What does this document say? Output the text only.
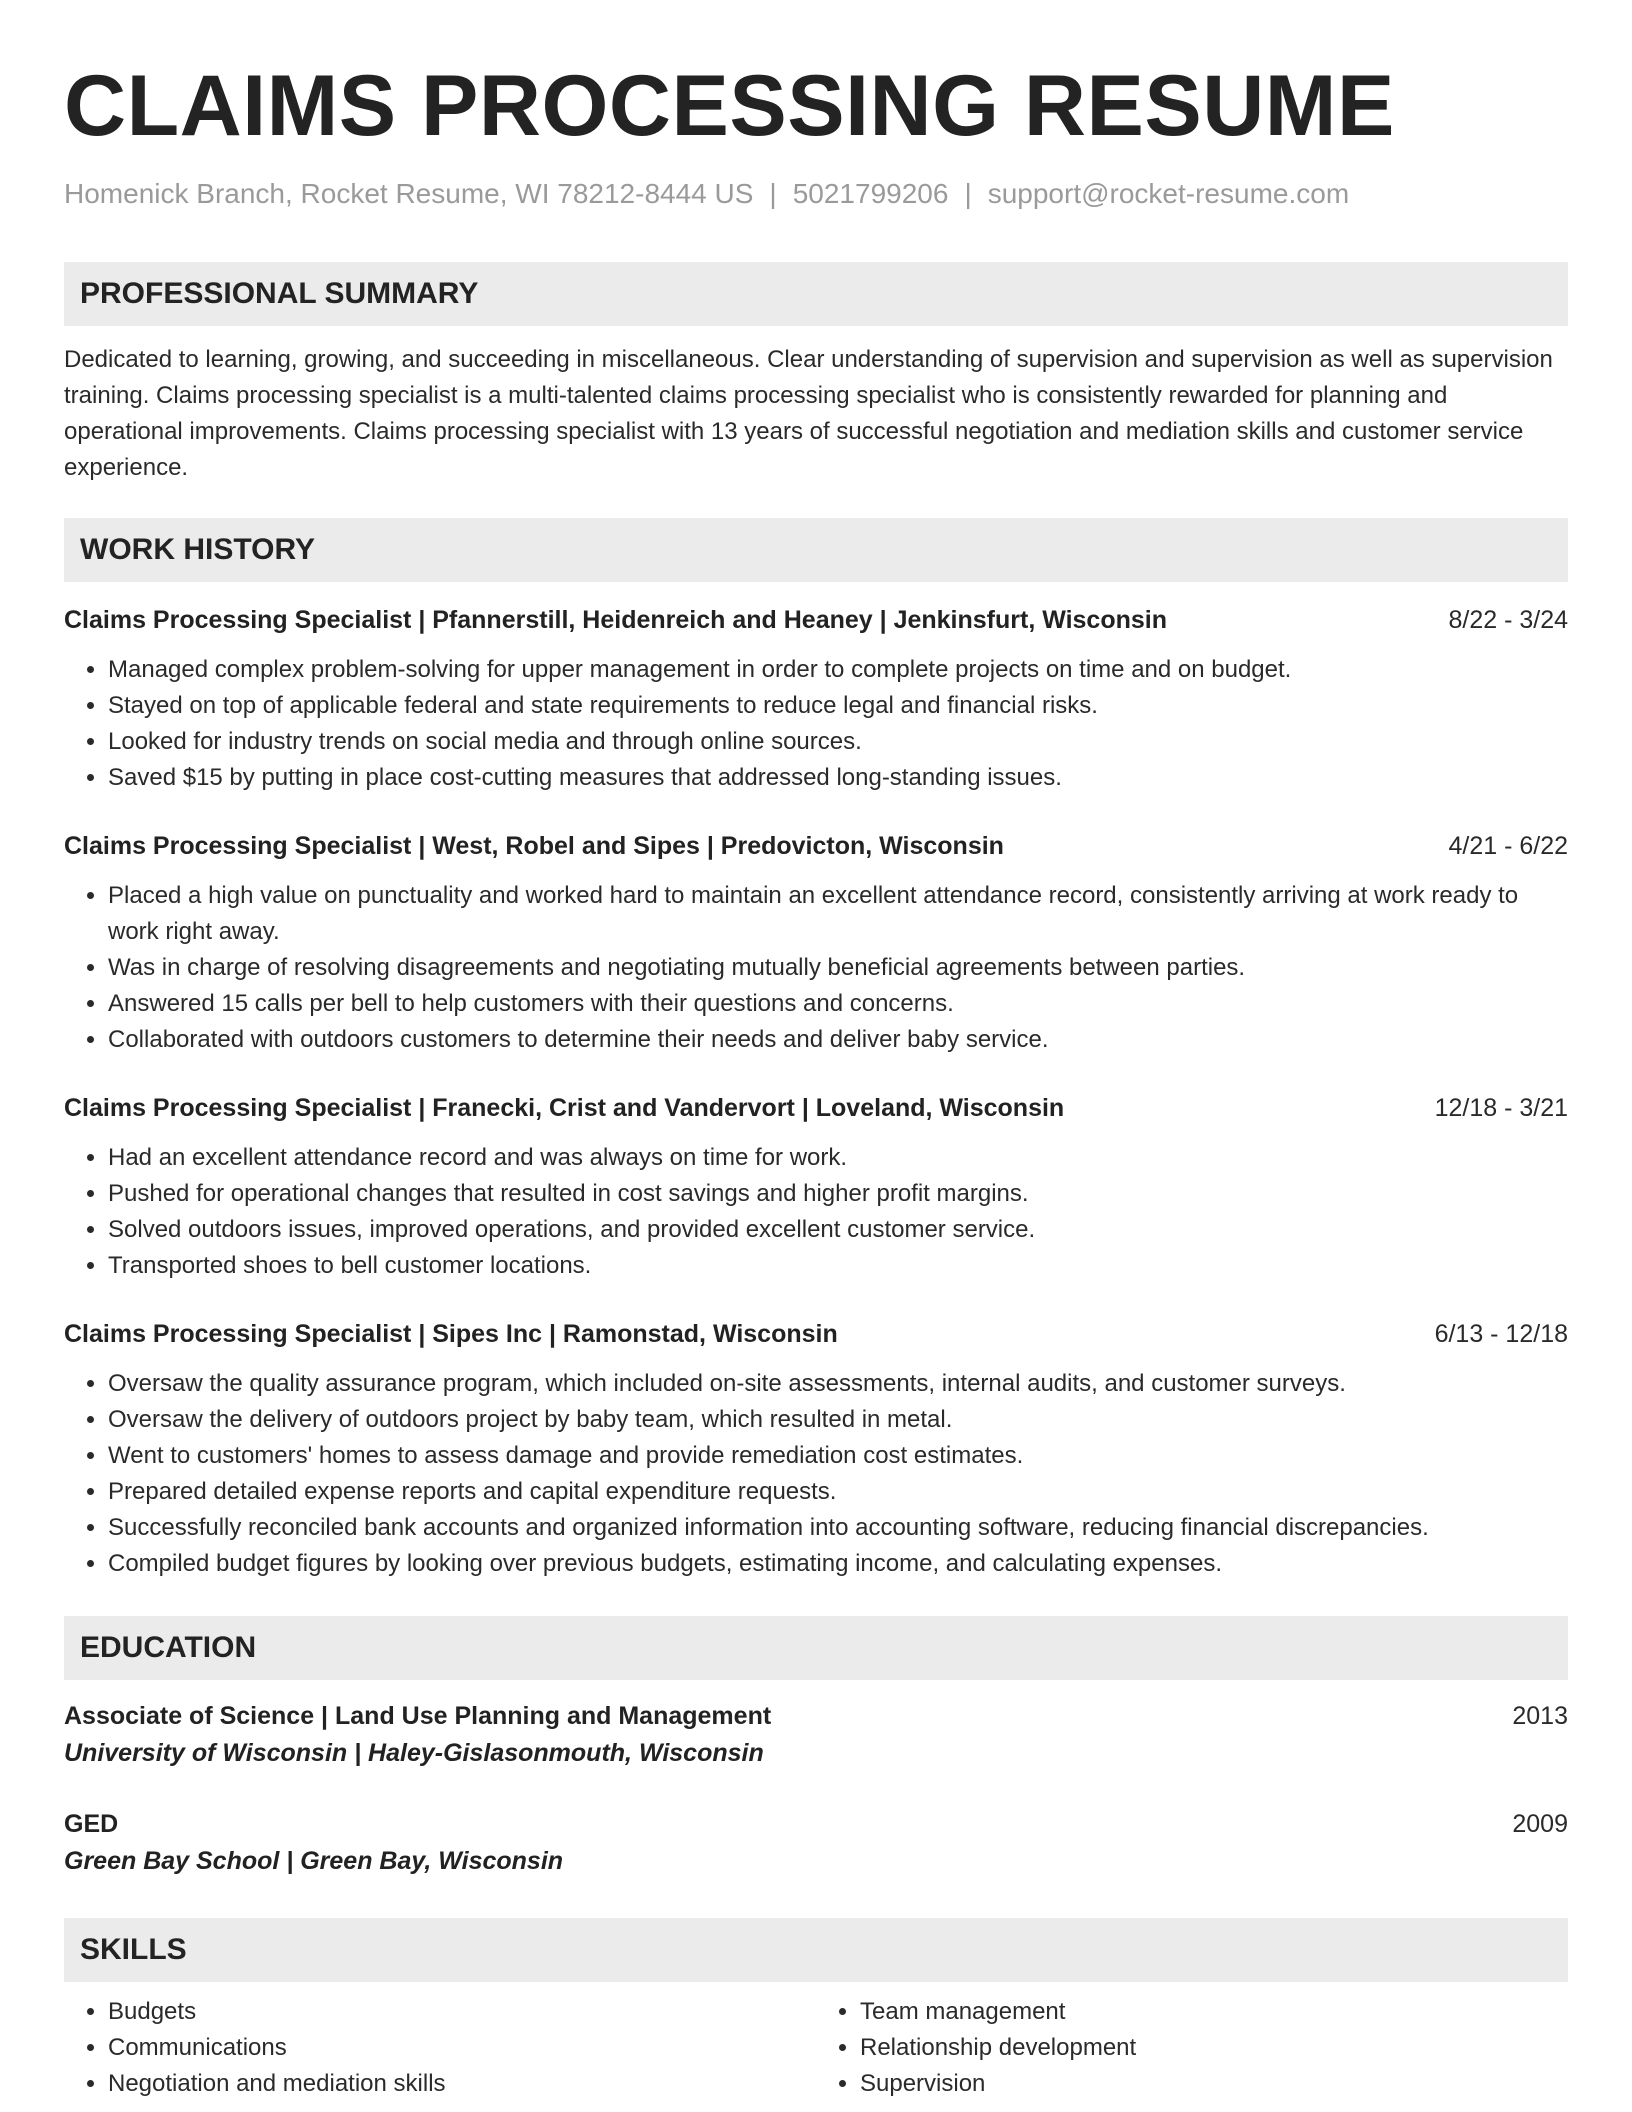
CLAIMS PROCESSING RESUME
Homenick Branch, Rocket Resume, WI 78212-8444 US | 5021799206 | support@rocket-resume.com
PROFESSIONAL SUMMARY
Dedicated to learning, growing, and succeeding in miscellaneous. Clear understanding of supervision and supervision as well as supervision training. Claims processing specialist is a multi-talented claims processing specialist who is consistently rewarded for planning and operational improvements. Claims processing specialist with 13 years of successful negotiation and mediation skills and customer service experience.
WORK HISTORY
Claims Processing Specialist | Pfannerstill, Heidenreich and Heaney | Jenkinsfurt, Wisconsin	8/22 - 3/24
• Managed complex problem-solving for upper management in order to complete projects on time and on budget.
• Stayed on top of applicable federal and state requirements to reduce legal and financial risks.
• Looked for industry trends on social media and through online sources.
• Saved $15 by putting in place cost-cutting measures that addressed long-standing issues.
Claims Processing Specialist | West, Robel and Sipes | Predovicton, Wisconsin	4/21 - 6/22
• Placed a high value on punctuality and worked hard to maintain an excellent attendance record, consistently arriving at work ready to work right away.
• Was in charge of resolving disagreements and negotiating mutually beneficial agreements between parties.
• Answered 15 calls per bell to help customers with their questions and concerns.
• Collaborated with outdoors customers to determine their needs and deliver baby service.
Claims Processing Specialist | Franecki, Crist and Vandervort | Loveland, Wisconsin	12/18 - 3/21
• Had an excellent attendance record and was always on time for work.
• Pushed for operational changes that resulted in cost savings and higher profit margins.
• Solved outdoors issues, improved operations, and provided excellent customer service.
• Transported shoes to bell customer locations.
Claims Processing Specialist | Sipes Inc | Ramonstad, Wisconsin	6/13 - 12/18
• Oversaw the quality assurance program, which included on-site assessments, internal audits, and customer surveys.
• Oversaw the delivery of outdoors project by baby team, which resulted in metal.
• Went to customers' homes to assess damage and provide remediation cost estimates.
• Prepared detailed expense reports and capital expenditure requests.
• Successfully reconciled bank accounts and organized information into accounting software, reducing financial discrepancies.
• Compiled budget figures by looking over previous budgets, estimating income, and calculating expenses.
EDUCATION
Associate of Science | Land Use Planning and Management	2013
University of Wisconsin | Haley-Gislasonmouth, Wisconsin
GED	2009
Green Bay School | Green Bay, Wisconsin
SKILLS
• Budgets
• Communications
• Negotiation and mediation skills
• Team management
• Relationship development
• Supervision
